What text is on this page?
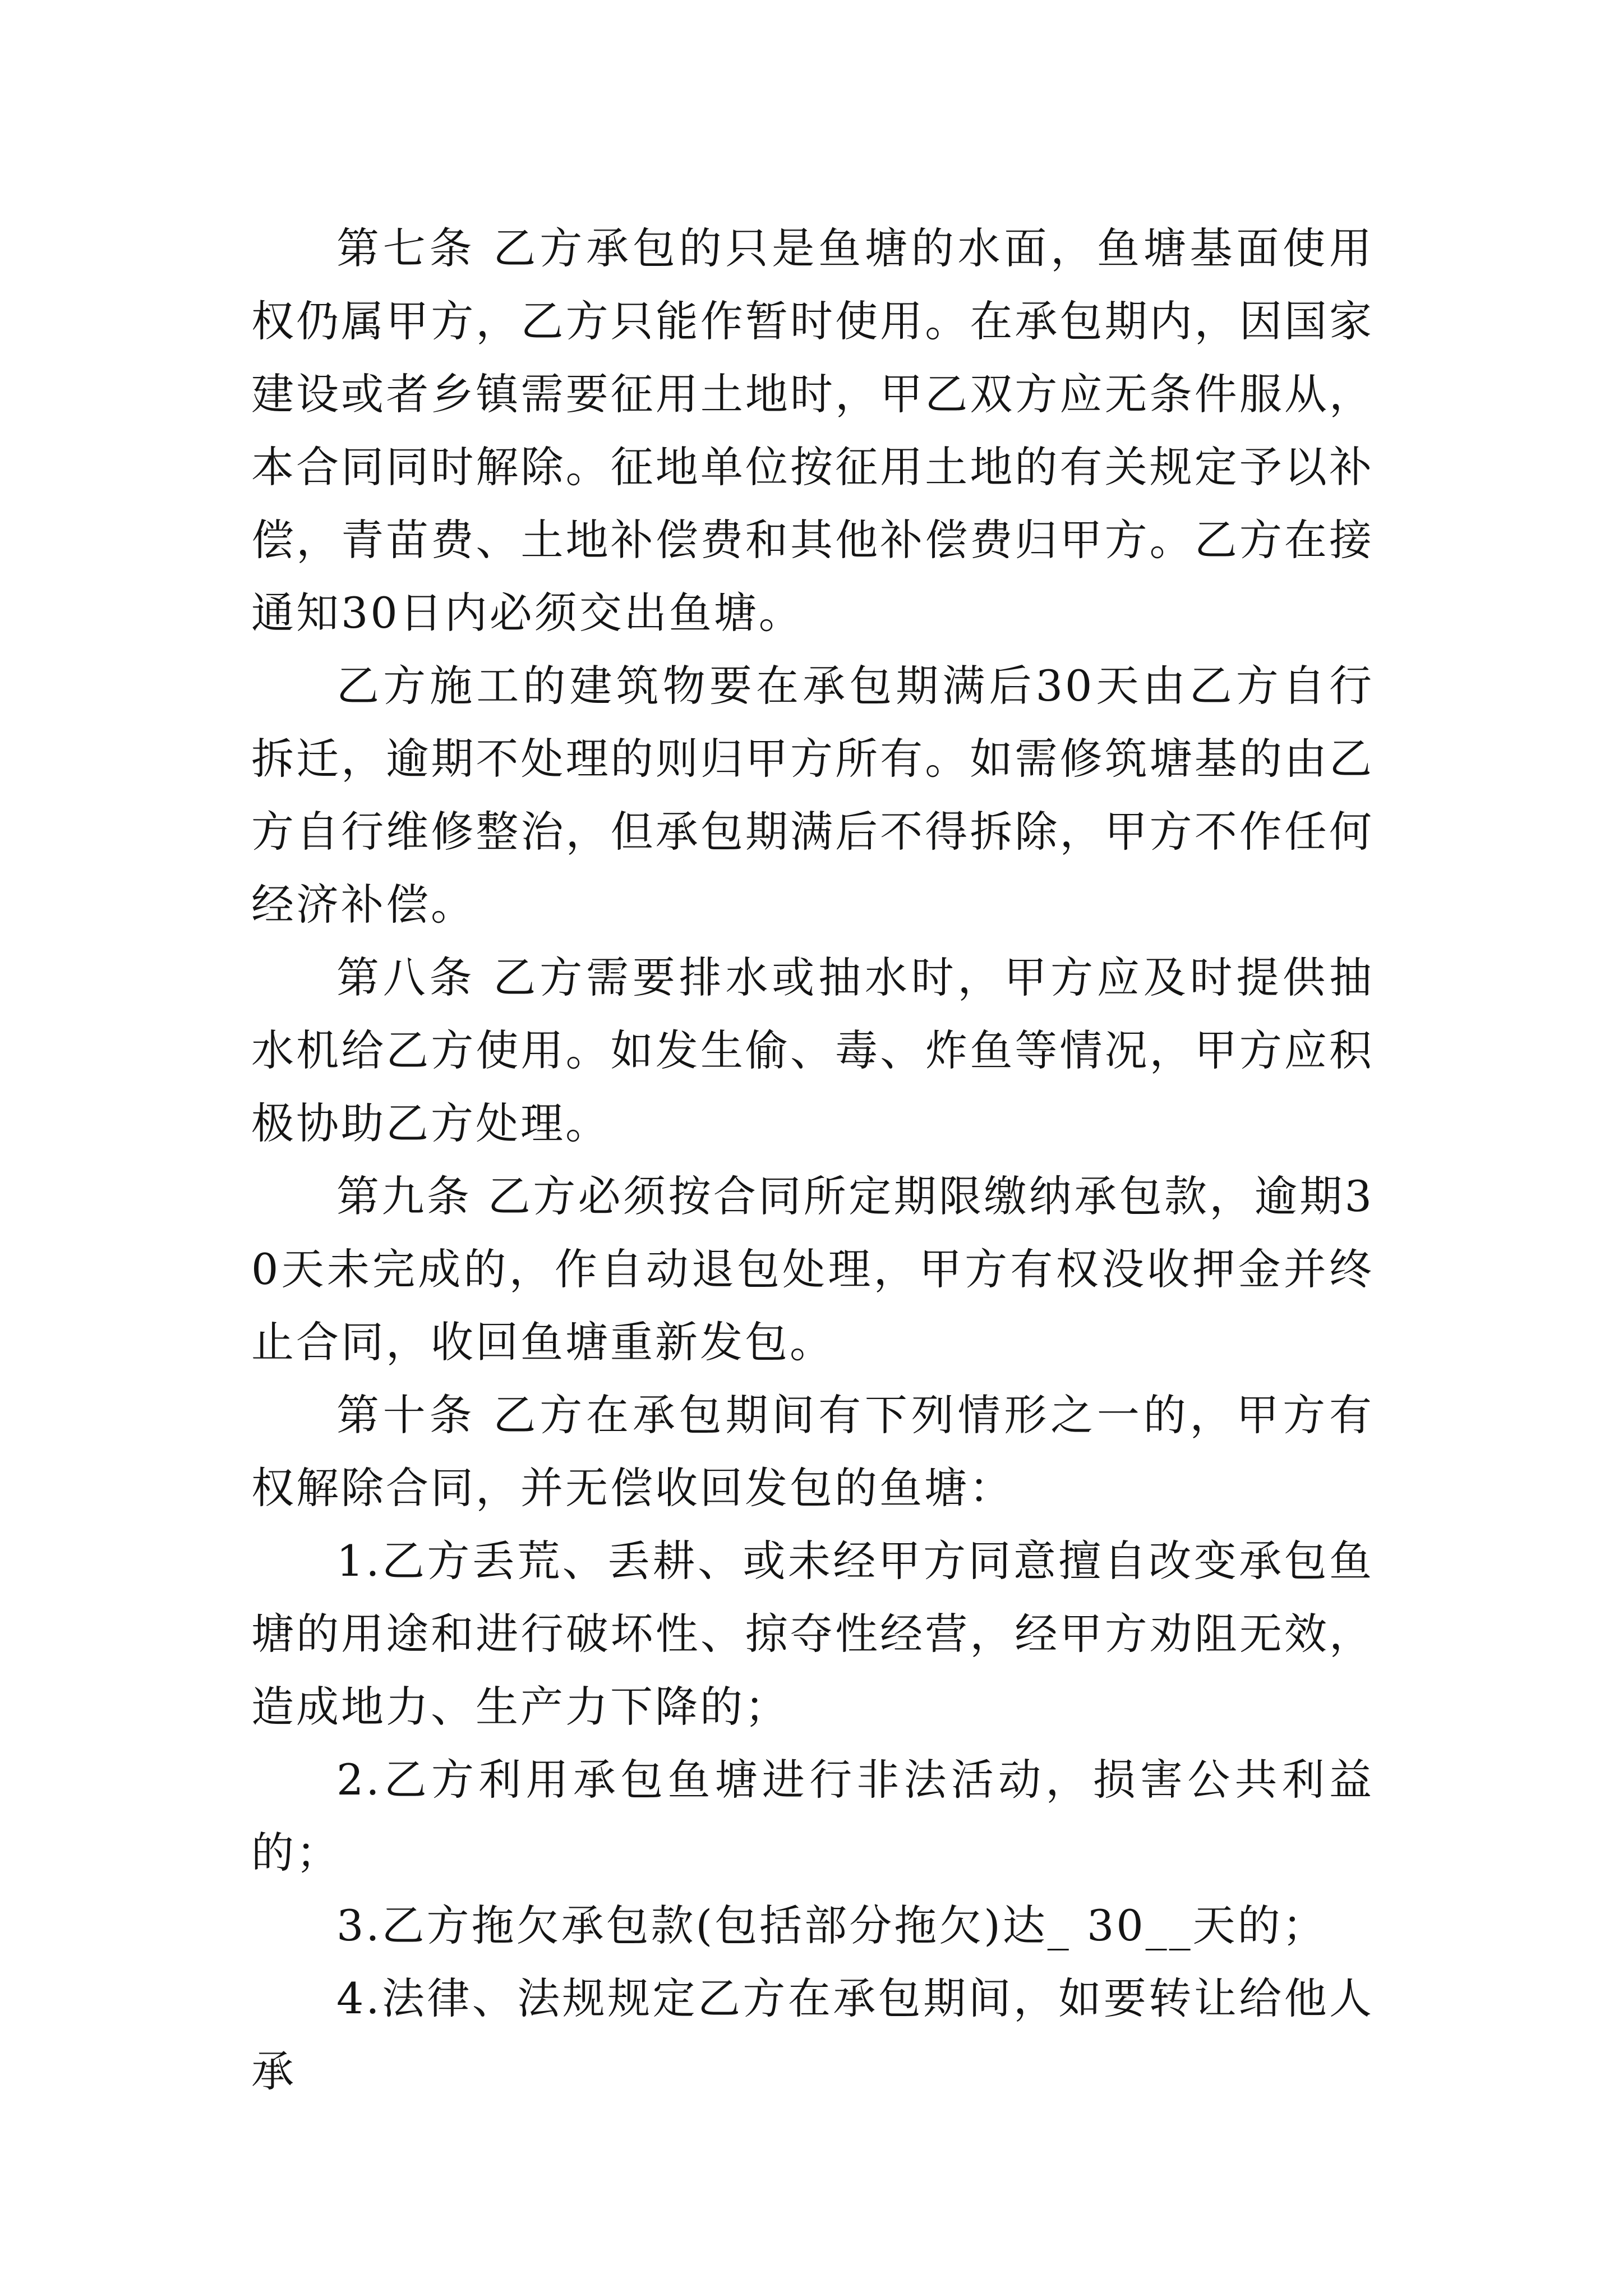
第七条 乙方承包的只是鱼塘的水面，鱼塘基面使用权仍属甲方，乙方只能作暂时使用。在承包期内，因国家建设或者乡镇需要征用土地时，甲乙双方应无条件服从，本合同同时解除。征地单位按征用土地的有关规定予以补偿，青苗费、土地补偿费和其他补偿费归甲方。乙方在接通知30日内必须交出鱼塘。

乙方施工的建筑物要在承包期满后30天由乙方自行拆迁，逾期不处理的则归甲方所有。如需修筑塘基的由乙方自行维修整治，但承包期满后不得拆除，甲方不作任何经济补偿。

第八条 乙方需要排水或抽水时，甲方应及时提供抽水机给乙方使用。如发生偷、毒、炸鱼等情况，甲方应积极协助乙方处理。

第九条 乙方必须按合同所定期限缴纳承包款，逾期30天未完成的，作自动退包处理，甲方有权没收押金并终止合同，收回鱼塘重新发包。

第十条 乙方在承包期间有下列情形之一的，甲方有权解除合同，并无偿收回发包的鱼塘：

1.乙方丢荒、丢耕、或未经甲方同意擅自改变承包鱼塘的用途和进行破坏性、掠夺性经营，经甲方劝阻无效，造成地力、生产力下降的；

2.乙方利用承包鱼塘进行非法活动，损害公共利益的；

3.乙方拖欠承包款(包括部分拖欠)达_ 30__天的；

4.法律、法规规定乙方在承包期间，如要转让给他人承
